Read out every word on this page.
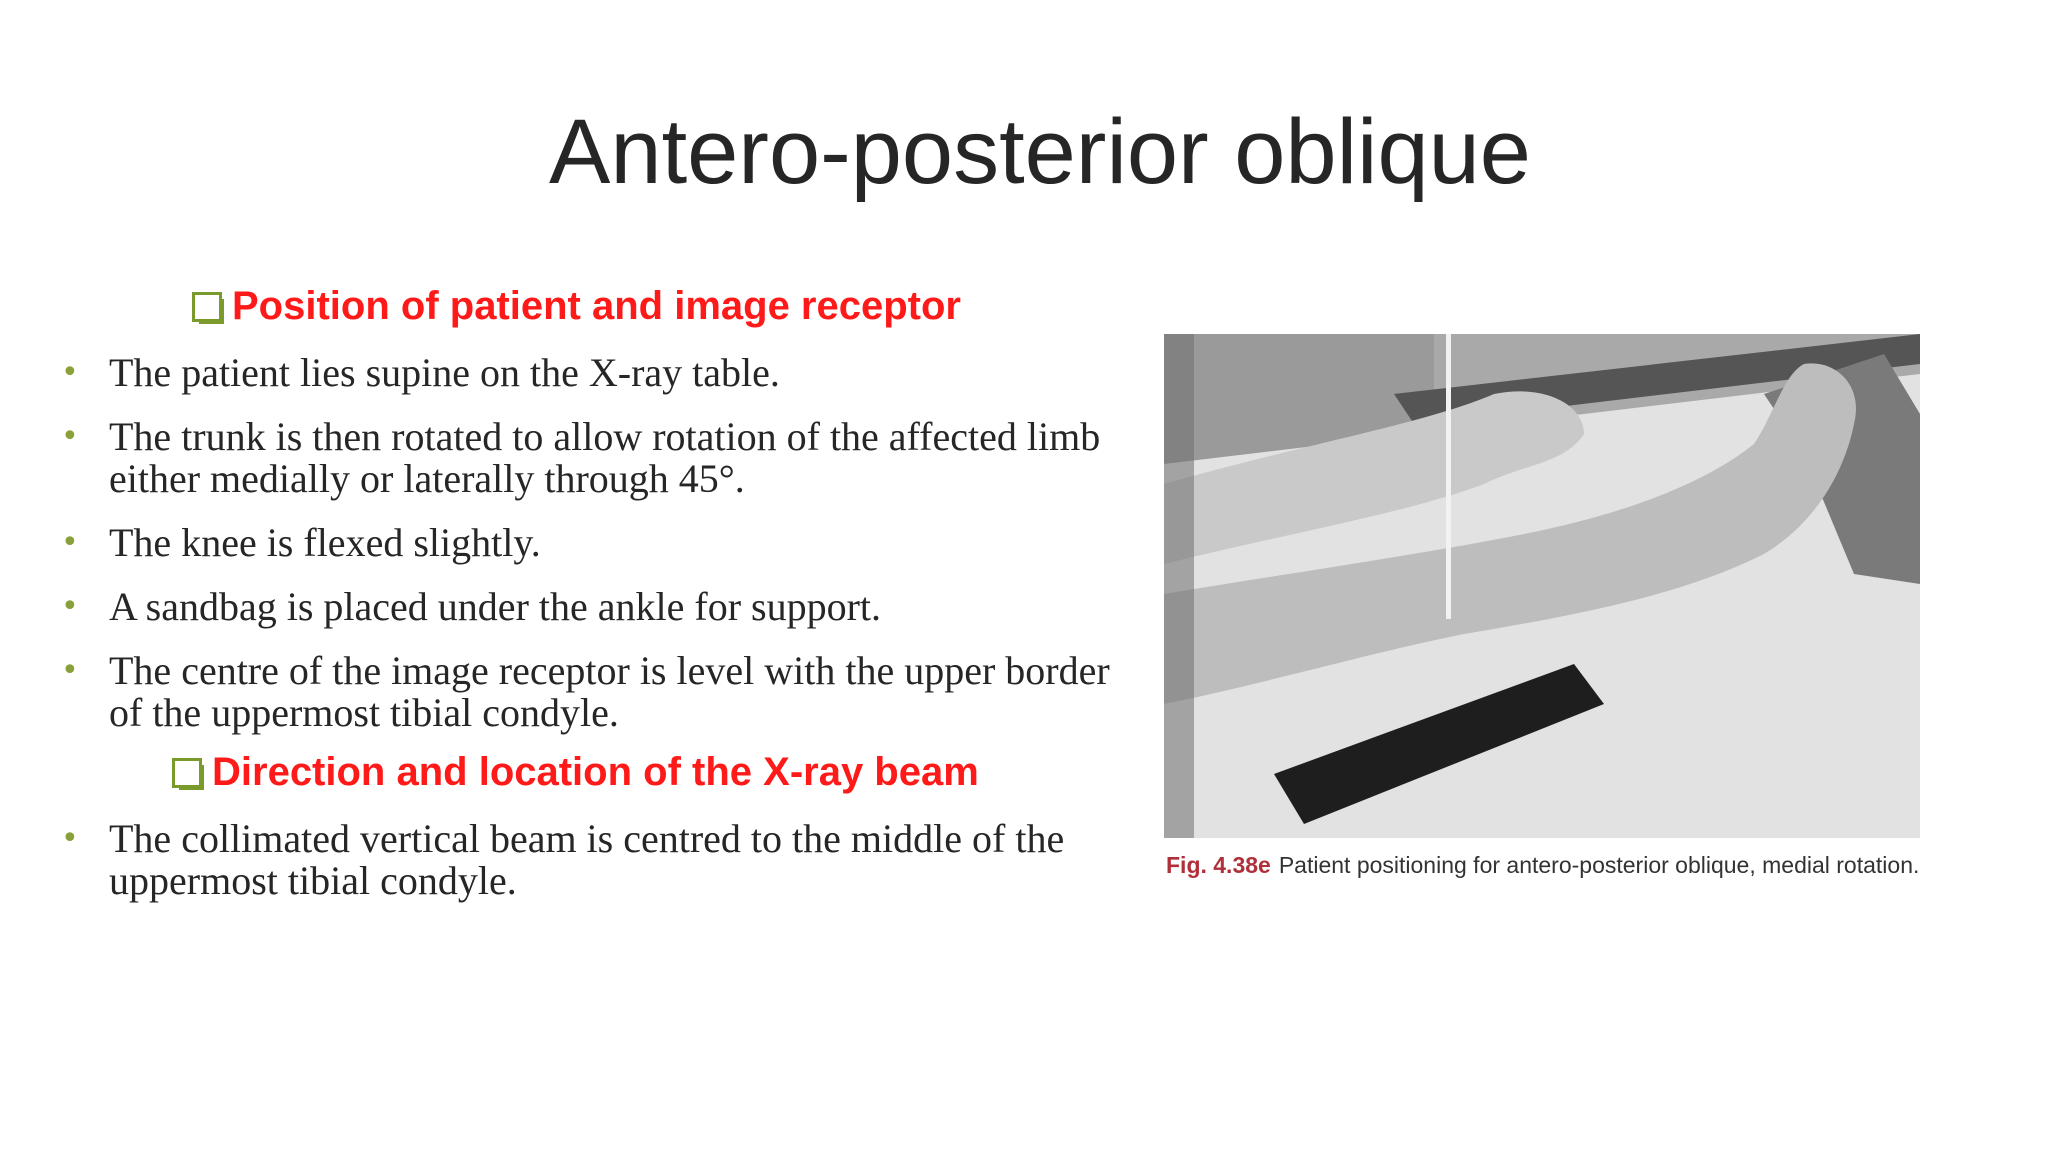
Antero-posterior oblique
Position of patient and image receptor
• The patient lies supine on the X-ray table.
• The trunk is then rotated to allow rotation of the affected limb either medially or laterally through 45°.
• The knee is flexed slightly.
• A sandbag is placed under the ankle for support.
• The centre of the image receptor is level with the upper border of the uppermost tibial condyle.
Direction and location of the X-ray beam
• The collimated vertical beam is centred to the middle of the uppermost tibial condyle.	Fig. 4.38e Patient positioning for antero-posterior oblique, medial rotation.
